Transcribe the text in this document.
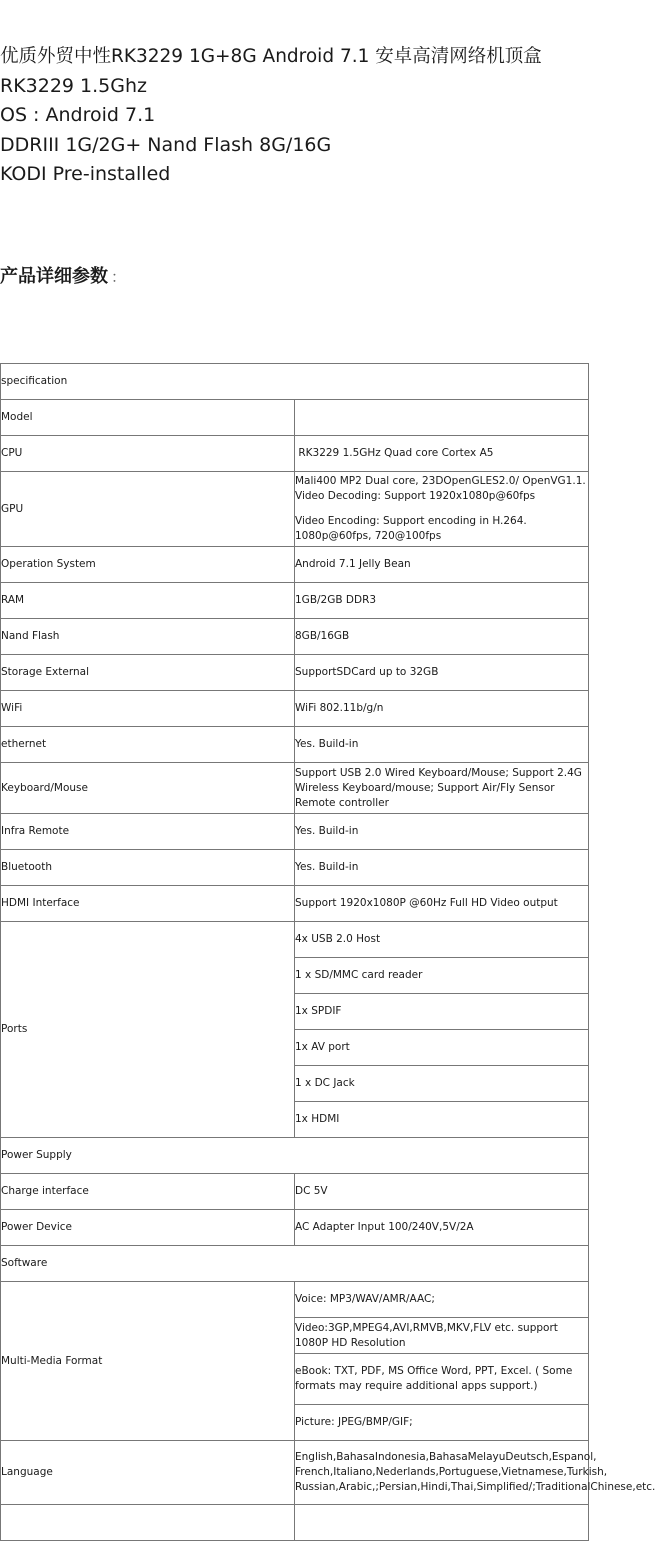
优质外贸中性RK3229 1G+8G Android 7.1 安卓高清网络机顶盒
RK3229 1.5Ghz
OS : Android 7.1
DDRIII 1G/2G+ Nand Flash 8G/16G
KODI Pre-installed
产品详细参数 ：
specification	
Model	
CPU	RK3229 1.5GHz Quad core Cortex A5
GPU	Mali400 MP2 Dual core, 23DOpenGLES2.0/ OpenVG1.1. Video Decoding: Support 1920x1080p@60fps

Video Encoding: Support encoding in H.264. 1080p@60fps, 720@100fps

Operation System	Android 7.1 Jelly Bean
RAM	1GB/2GB DDR3
Nand Flash	8GB/16GB
Storage External	SupportSDCard up to 32GB
WiFi	WiFi 802.11b/g/n
ethernet	Yes. Build-in
Keyboard/Mouse	Support USB 2.0 Wired Keyboard/Mouse; Support 2.4G Wireless Keyboard/mouse; Support Air/Fly Sensor Remote controller
Infra Remote	Yes. Build-in
Bluetooth	Yes. Build-in
HDMI Interface	Support 1920x1080P @60Hz Full HD Video output
Ports	4x USB 2.0 Host
	1 x SD/MMC card reader
	1x SPDIF
	1x AV port
	1 x DC Jack
	1x HDMI
Power Supply	
Charge interface	DC 5V
Power Device	AC Adapter Input 100/240V,5V/2A
Software	
Multi-Media Format	Voice: MP3/WAV/AMR/AAC;
	Video:3GP,MPEG4,AVI,RMVB,MKV,FLV etc. support 1080P HD Resolution
	eBook: TXT, PDF, MS Office Word, PPT, Excel. ( Some formats may require additional apps support.)
	Picture: JPEG/BMP/GIF;
Language	English,BahasaIndonesia,BahasaMelayuDeutsch,Espanol, French,Italiano,Nederlands,Portuguese,Vietnamese,Turkish, Russian,Arabic,;Persian,Hindi,Thai,Simplified/;TraditionalChinese,etc.
